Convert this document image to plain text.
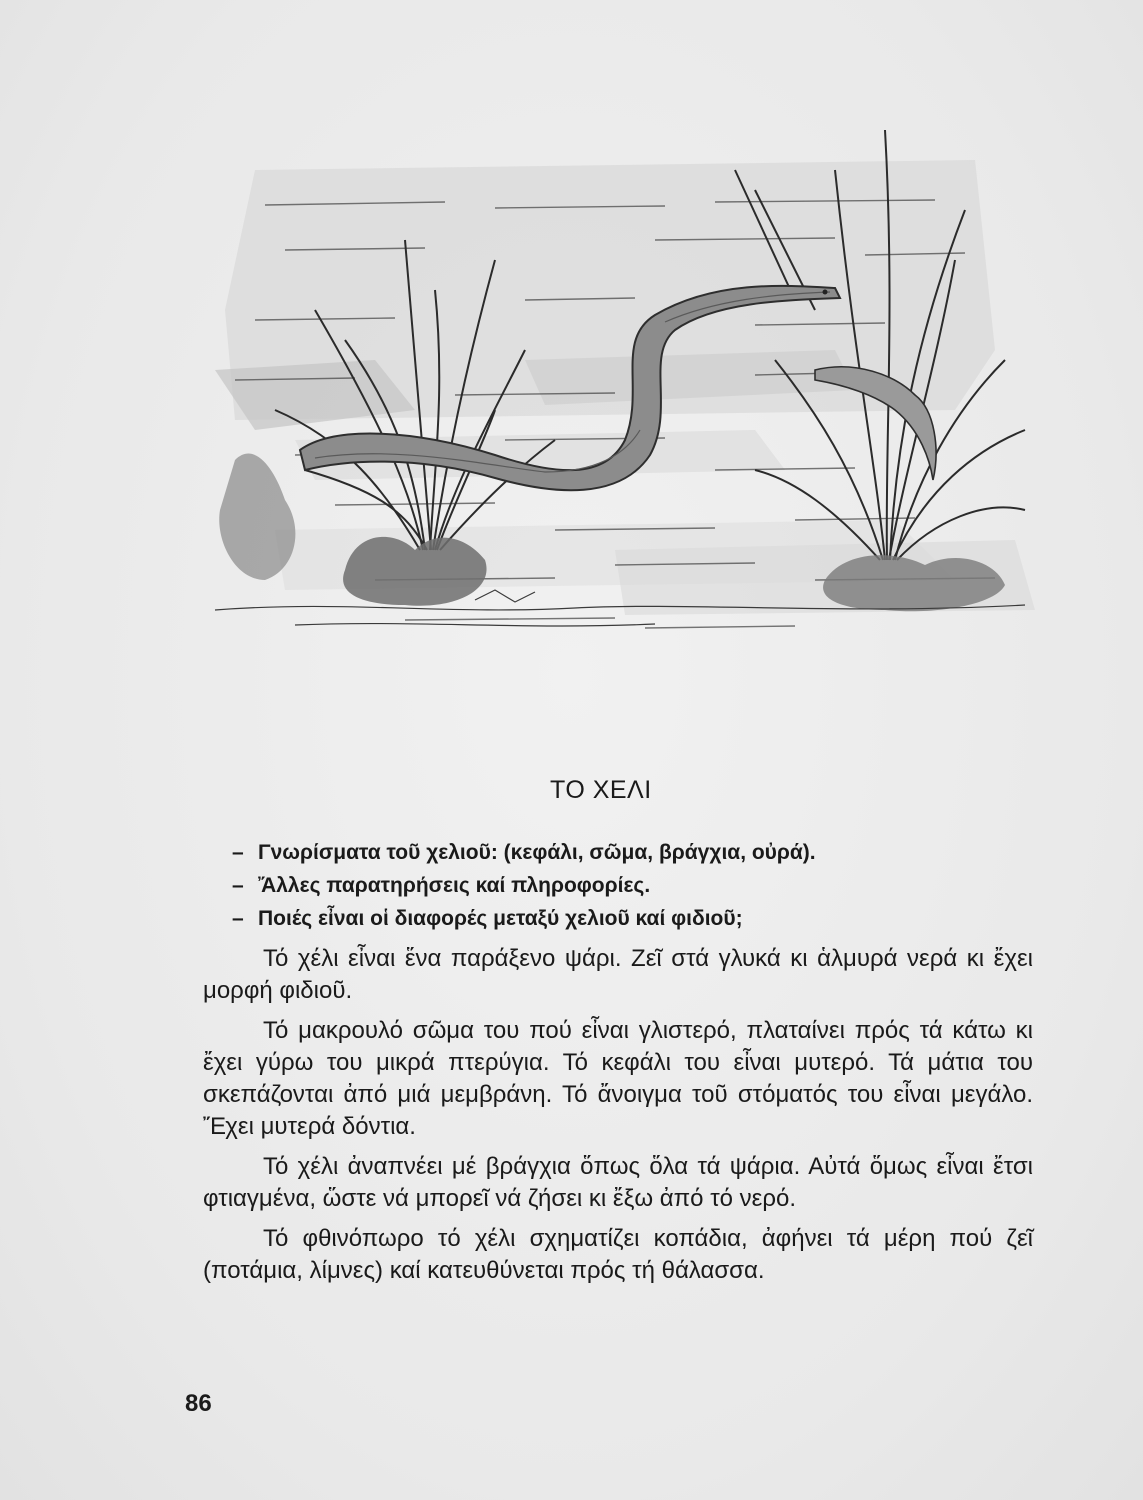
ΤΟ ΧΕΛΙ
– Γνωρίσματα τοῦ χελιοῦ: (κεφάλι, σῶμα, βράγχια, οὐρά).
– Ἄλλες παρατηρήσεις καί πληροφορίες.
– Ποιές εἶναι οἱ διαφορές μεταξύ χελιοῦ καί φιδιοῦ;

Τό χέλι εἶναι ἕνα παράξενο ψάρι. Ζεῖ στά γλυκά κι ἁλμυρά νερά κι ἔχει μορφή φιδιοῦ.

Τό μακρουλό σῶμα του πού εἶναι γλιστερό, πλαταίνει πρός τά κάτω κι ἔχει γύρω του μικρά πτερύγια. Τό κεφάλι του εἶναι μυτερό. Τά μάτια του σκεπάζονται ἀπό μιά μεμβράνη. Τό ἄνοιγμα τοῦ στόματός του εἶναι μεγάλο. Ἔχει μυτερά δόντια.

Τό χέλι ἀναπνέει μέ βράγχια ὅπως ὅλα τά ψάρια. Αὐτά ὅμως εἶναι ἔτσι φτιαγμένα, ὥστε νά μπορεῖ νά ζήσει κι ἔξω ἀπό τό νερό.

Τό φθινόπωρο τό χέλι σχηματίζει κοπάδια, ἀφήνει τά μέρη πού ζεῖ (ποτάμια, λίμνες) καί κατευθύνεται πρός τή θάλασσα.

86
